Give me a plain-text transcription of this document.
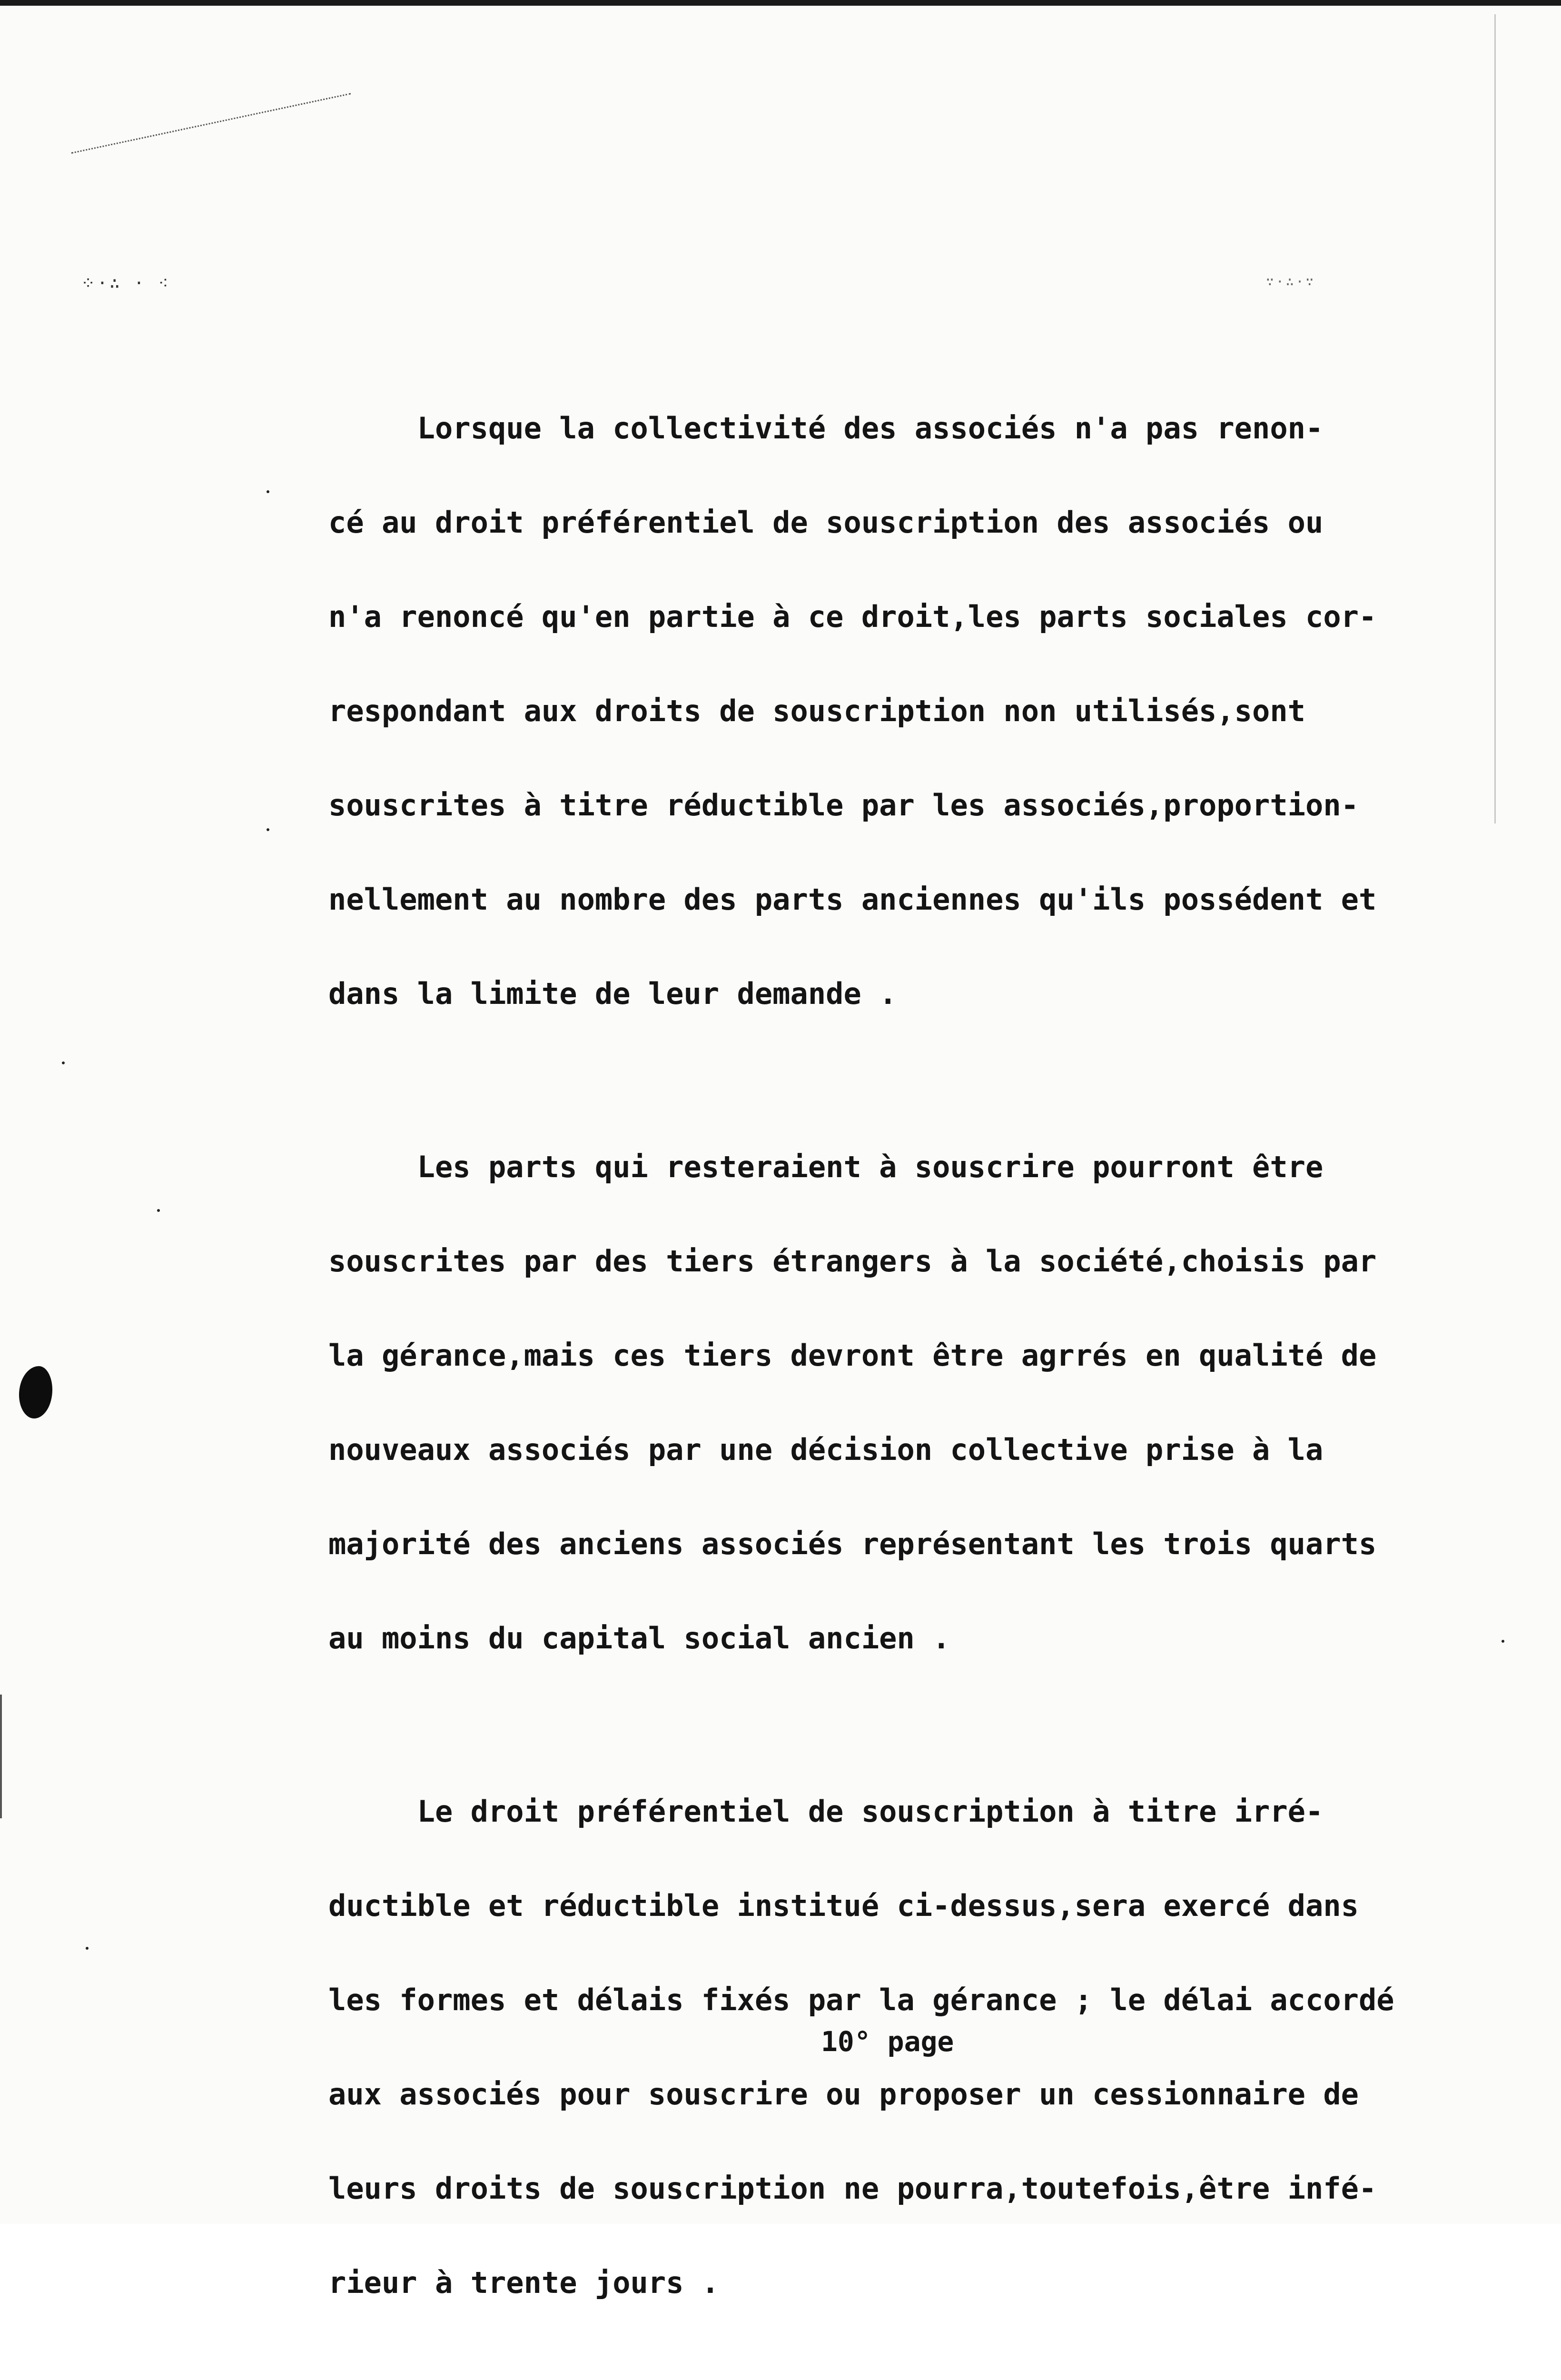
⁘·∴ · ⁖	∵·∴·∵

Lorsque la collectivité des associés n'a pas renon-

cé au droit préférentiel de souscription des associés ou

n'a renoncé qu'en partie à ce droit,les parts sociales cor-

respondant aux droits de souscription non utilisés,sont

souscrites à titre réductible par les associés,proportion-

nellement au nombre des parts anciennes qu'ils possédent et

dans la limite de leur demande .

Les parts qui resteraient à souscrire pourront être

souscrites par des tiers étrangers à la société,choisis par

la gérance,mais ces tiers devront être agrrés en qualité de

nouveaux associés par une décision collective prise à la

majorité des anciens associés représentant les trois quarts

au moins du capital social ancien .

Le droit préférentiel de souscription à titre irré-

ductible et réductible institué ci-dessus,sera exercé dans

les formes et délais fixés par la gérance ; le délai accordé

aux associés pour souscrire ou proposer un cessionnaire de

leurs droits de souscription ne pourra,toutefois,être infé-

rieur à trente jours .

10° page
